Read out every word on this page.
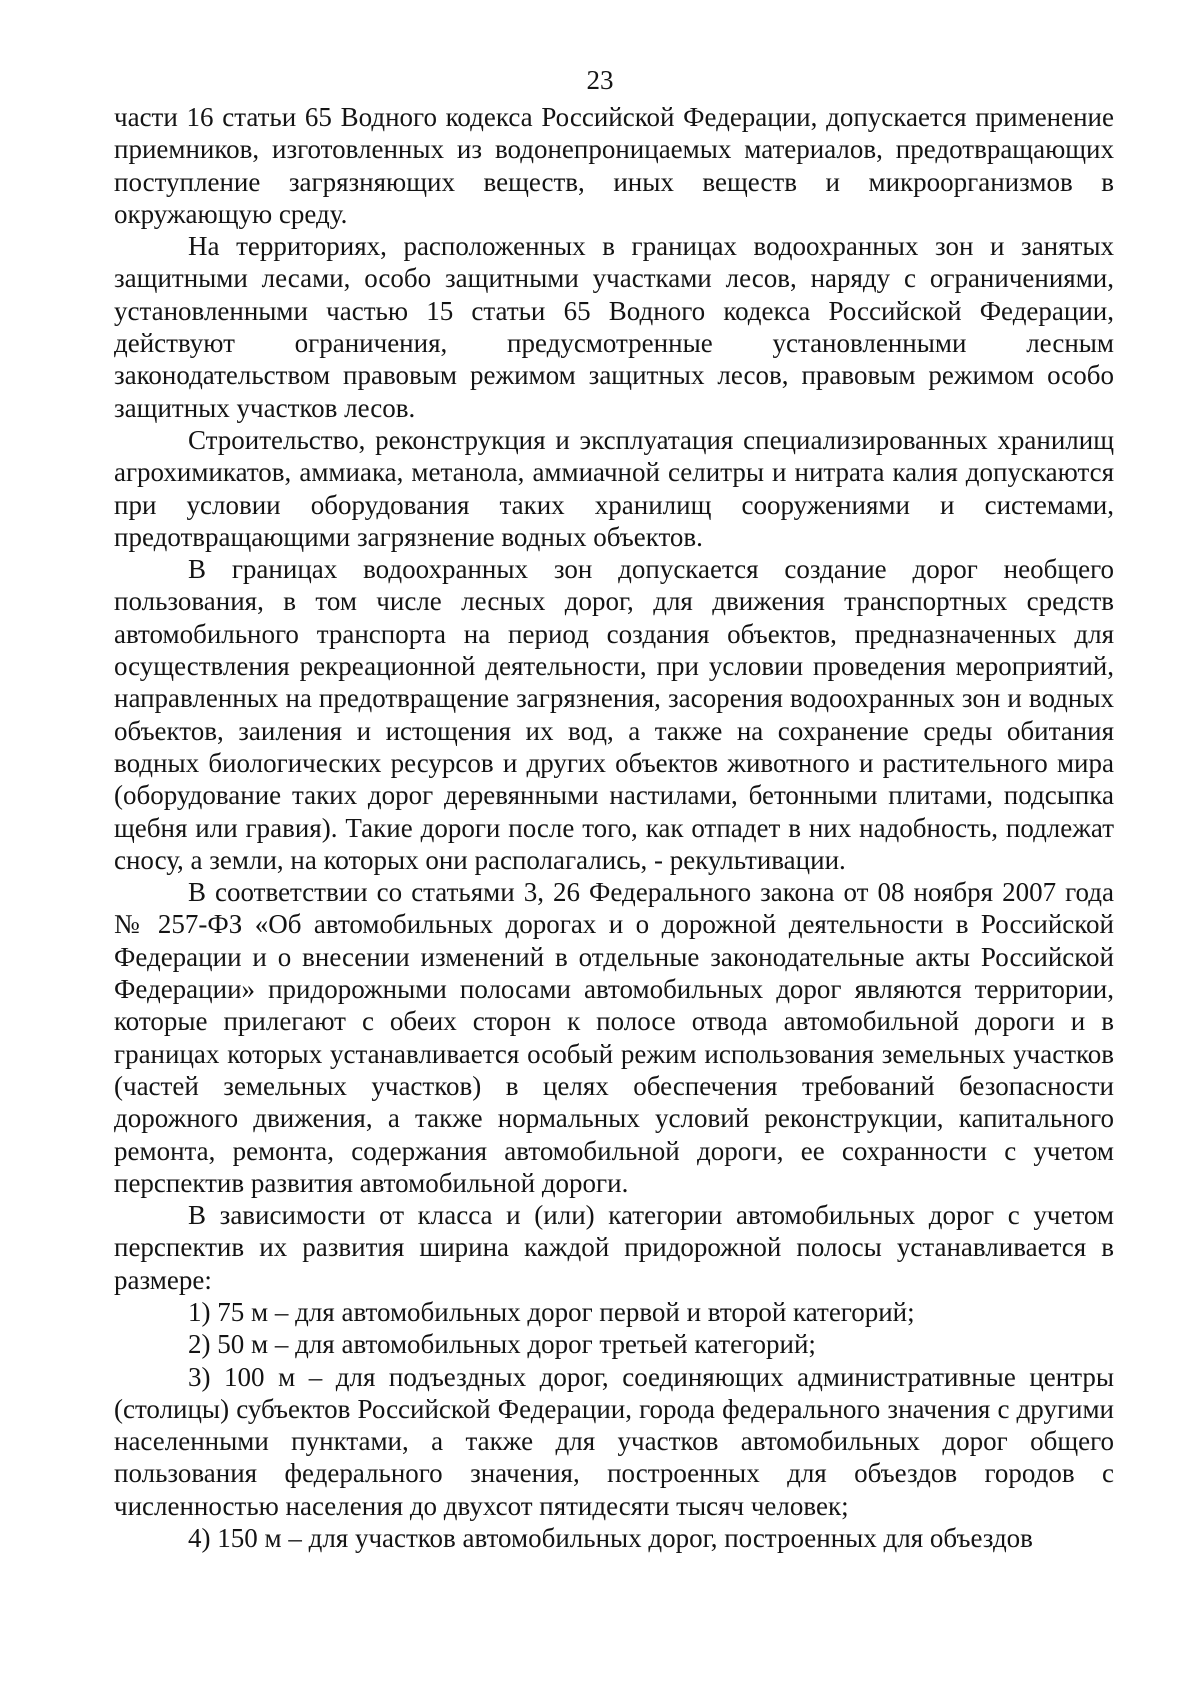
23

части 16 статьи 65 Водного кодекса Российской Федерации, допускается применение приемников, изготовленных из водонепроницаемых материалов, предотвращающих поступление загрязняющих веществ, иных веществ и микроорганизмов в окружающую среду.

На территориях, расположенных в границах водоохранных зон и занятых защитными лесами, особо защитными участками лесов, наряду с ограничениями, установленными частью 15 статьи 65 Водного кодекса Российской Федерации, действуют ограничения, предусмотренные установленными лесным законодательством правовым режимом защитных лесов, правовым режимом особо защитных участков лесов.

Строительство, реконструкция и эксплуатация специализированных хранилищ агрохимикатов, аммиака, метанола, аммиачной селитры и нитрата калия допускаются при условии оборудования таких хранилищ сооружениями и системами, предотвращающими загрязнение водных объектов.

В границах водоохранных зон допускается создание дорог необщего пользования, в том числе лесных дорог, для движения транспортных средств автомобильного транспорта на период создания объектов, предназначенных для осуществления рекреационной деятельности, при условии проведения мероприятий, направленных на предотвращение загрязнения, засорения водоохранных зон и водных объектов, заиления и истощения их вод, а также на сохранение среды обитания водных биологических ресурсов и других объектов животного и растительного мира (оборудование таких дорог деревянными настилами, бетонными плитами, подсыпка щебня или гравия). Такие дороги после того, как отпадет в них надобность, подлежат сносу, а земли, на которых они располагались, - рекультивации.

В соответствии со статьями 3, 26 Федерального закона от 08 ноября 2007 года № 257-ФЗ «Об автомобильных дорогах и о дорожной деятельности в Российской Федерации и о внесении изменений в отдельные законодательные акты Российской Федерации» придорожными полосами автомобильных дорог являются территории, которые прилегают с обеих сторон к полосе отвода автомобильной дороги и в границах которых устанавливается особый режим использования земельных участков (частей земельных участков) в целях обеспечения требований безопасности дорожного движения, а также нормальных условий реконструкции, капитального ремонта, ремонта, содержания автомобильной дороги, ее сохранности с учетом перспектив развития автомобильной дороги.

В зависимости от класса и (или) категории автомобильных дорог с учетом перспектив их развития ширина каждой придорожной полосы устанавливается в размере:

1) 75 м – для автомобильных дорог первой и второй категорий;

2) 50 м – для автомобильных дорог третьей категорий;

3) 100 м – для подъездных дорог, соединяющих административные центры (столицы) субъектов Российской Федерации, города федерального значения с другими населенными пунктами, а также для участков автомобильных дорог общего пользования федерального значения, построенных для объездов городов с численностью населения до двухсот пятидесяти тысяч человек;

4) 150 м – для участков автомобильных дорог, построенных для объездов
